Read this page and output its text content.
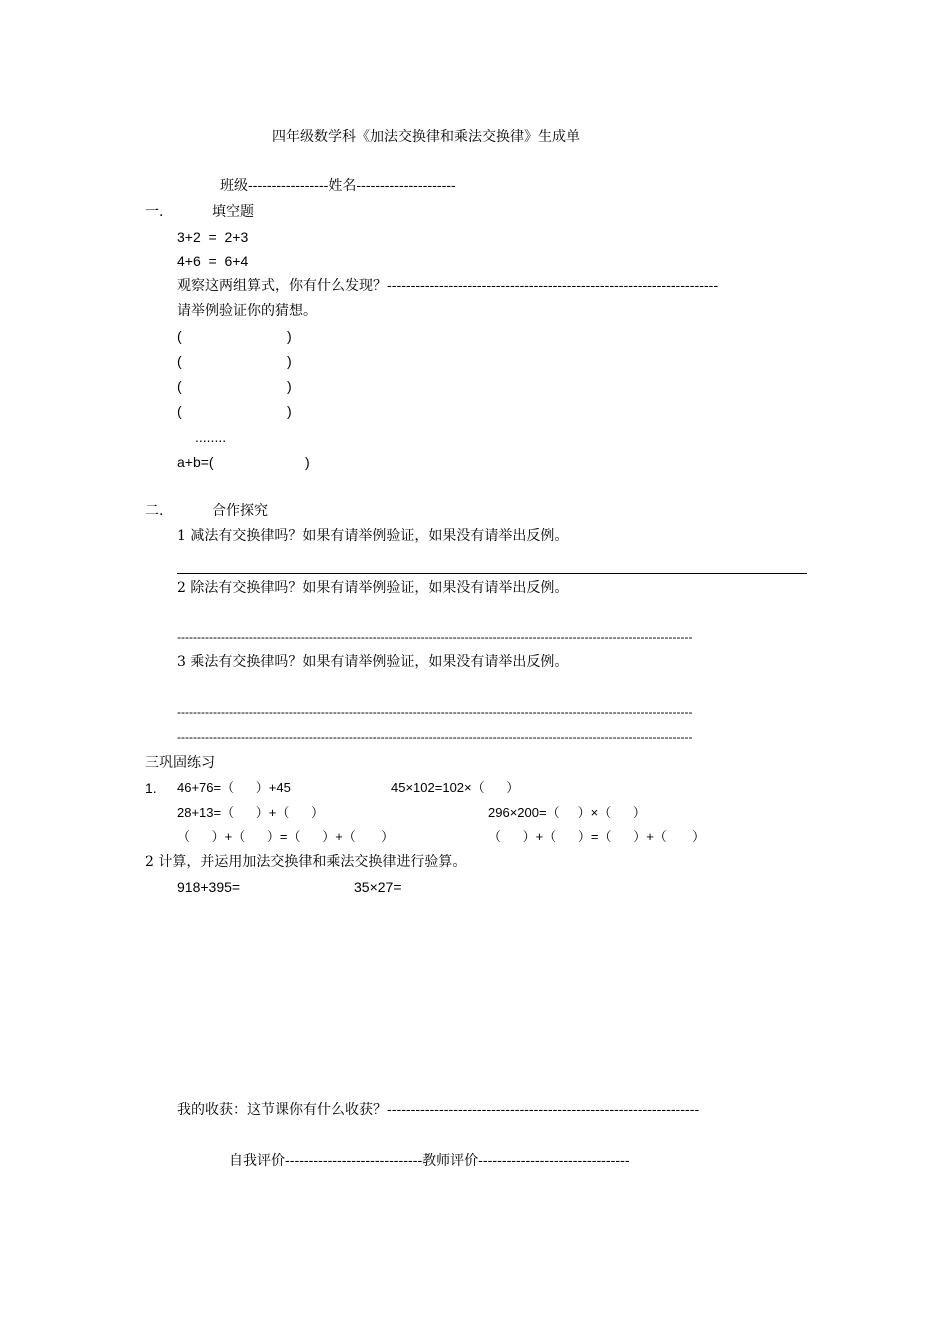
四年级数学科《加法交换律和乘法交换律》生成单
班级-----------------姓名---------------------
一.	填空题
3+2  =  2+3
4+6  =  6+4
观察这两组算式，你有什么发现？----------------------------------------------------------------------
请举例验证你的猜想。
(	)
(	)
(	)
(	)
........
a+b=(	)
二.	合作探究
1 减法有交换律吗？如果有请举例验证，如果没有请举出反例。
2 除法有交换律吗？如果有请举例验证，如果没有请举出反例。
---------------------------------------------------------------------------------------------------------------------------------
3 乘法有交换律吗？如果有请举例验证，如果没有请举出反例。
---------------------------------------------------------------------------------------------------------------------------------
---------------------------------------------------------------------------------------------------------------------------------
三巩固练习
1. 46+76=（      ）+45	45×102=102×（      ）
28+13=（      ）+（      ）	296×200=（     ）×（      ）
（      ）+（      ）=（      ）+（       ）	（      ）+（      ）=（      ）+（       ）
2 计算，并运用加法交换律和乘法交换律进行验算。
918+395=	35×27=
我的收获：这节课你有什么收获？------------------------------------------------------------------
自我评价-----------------------------教师评价--------------------------------
